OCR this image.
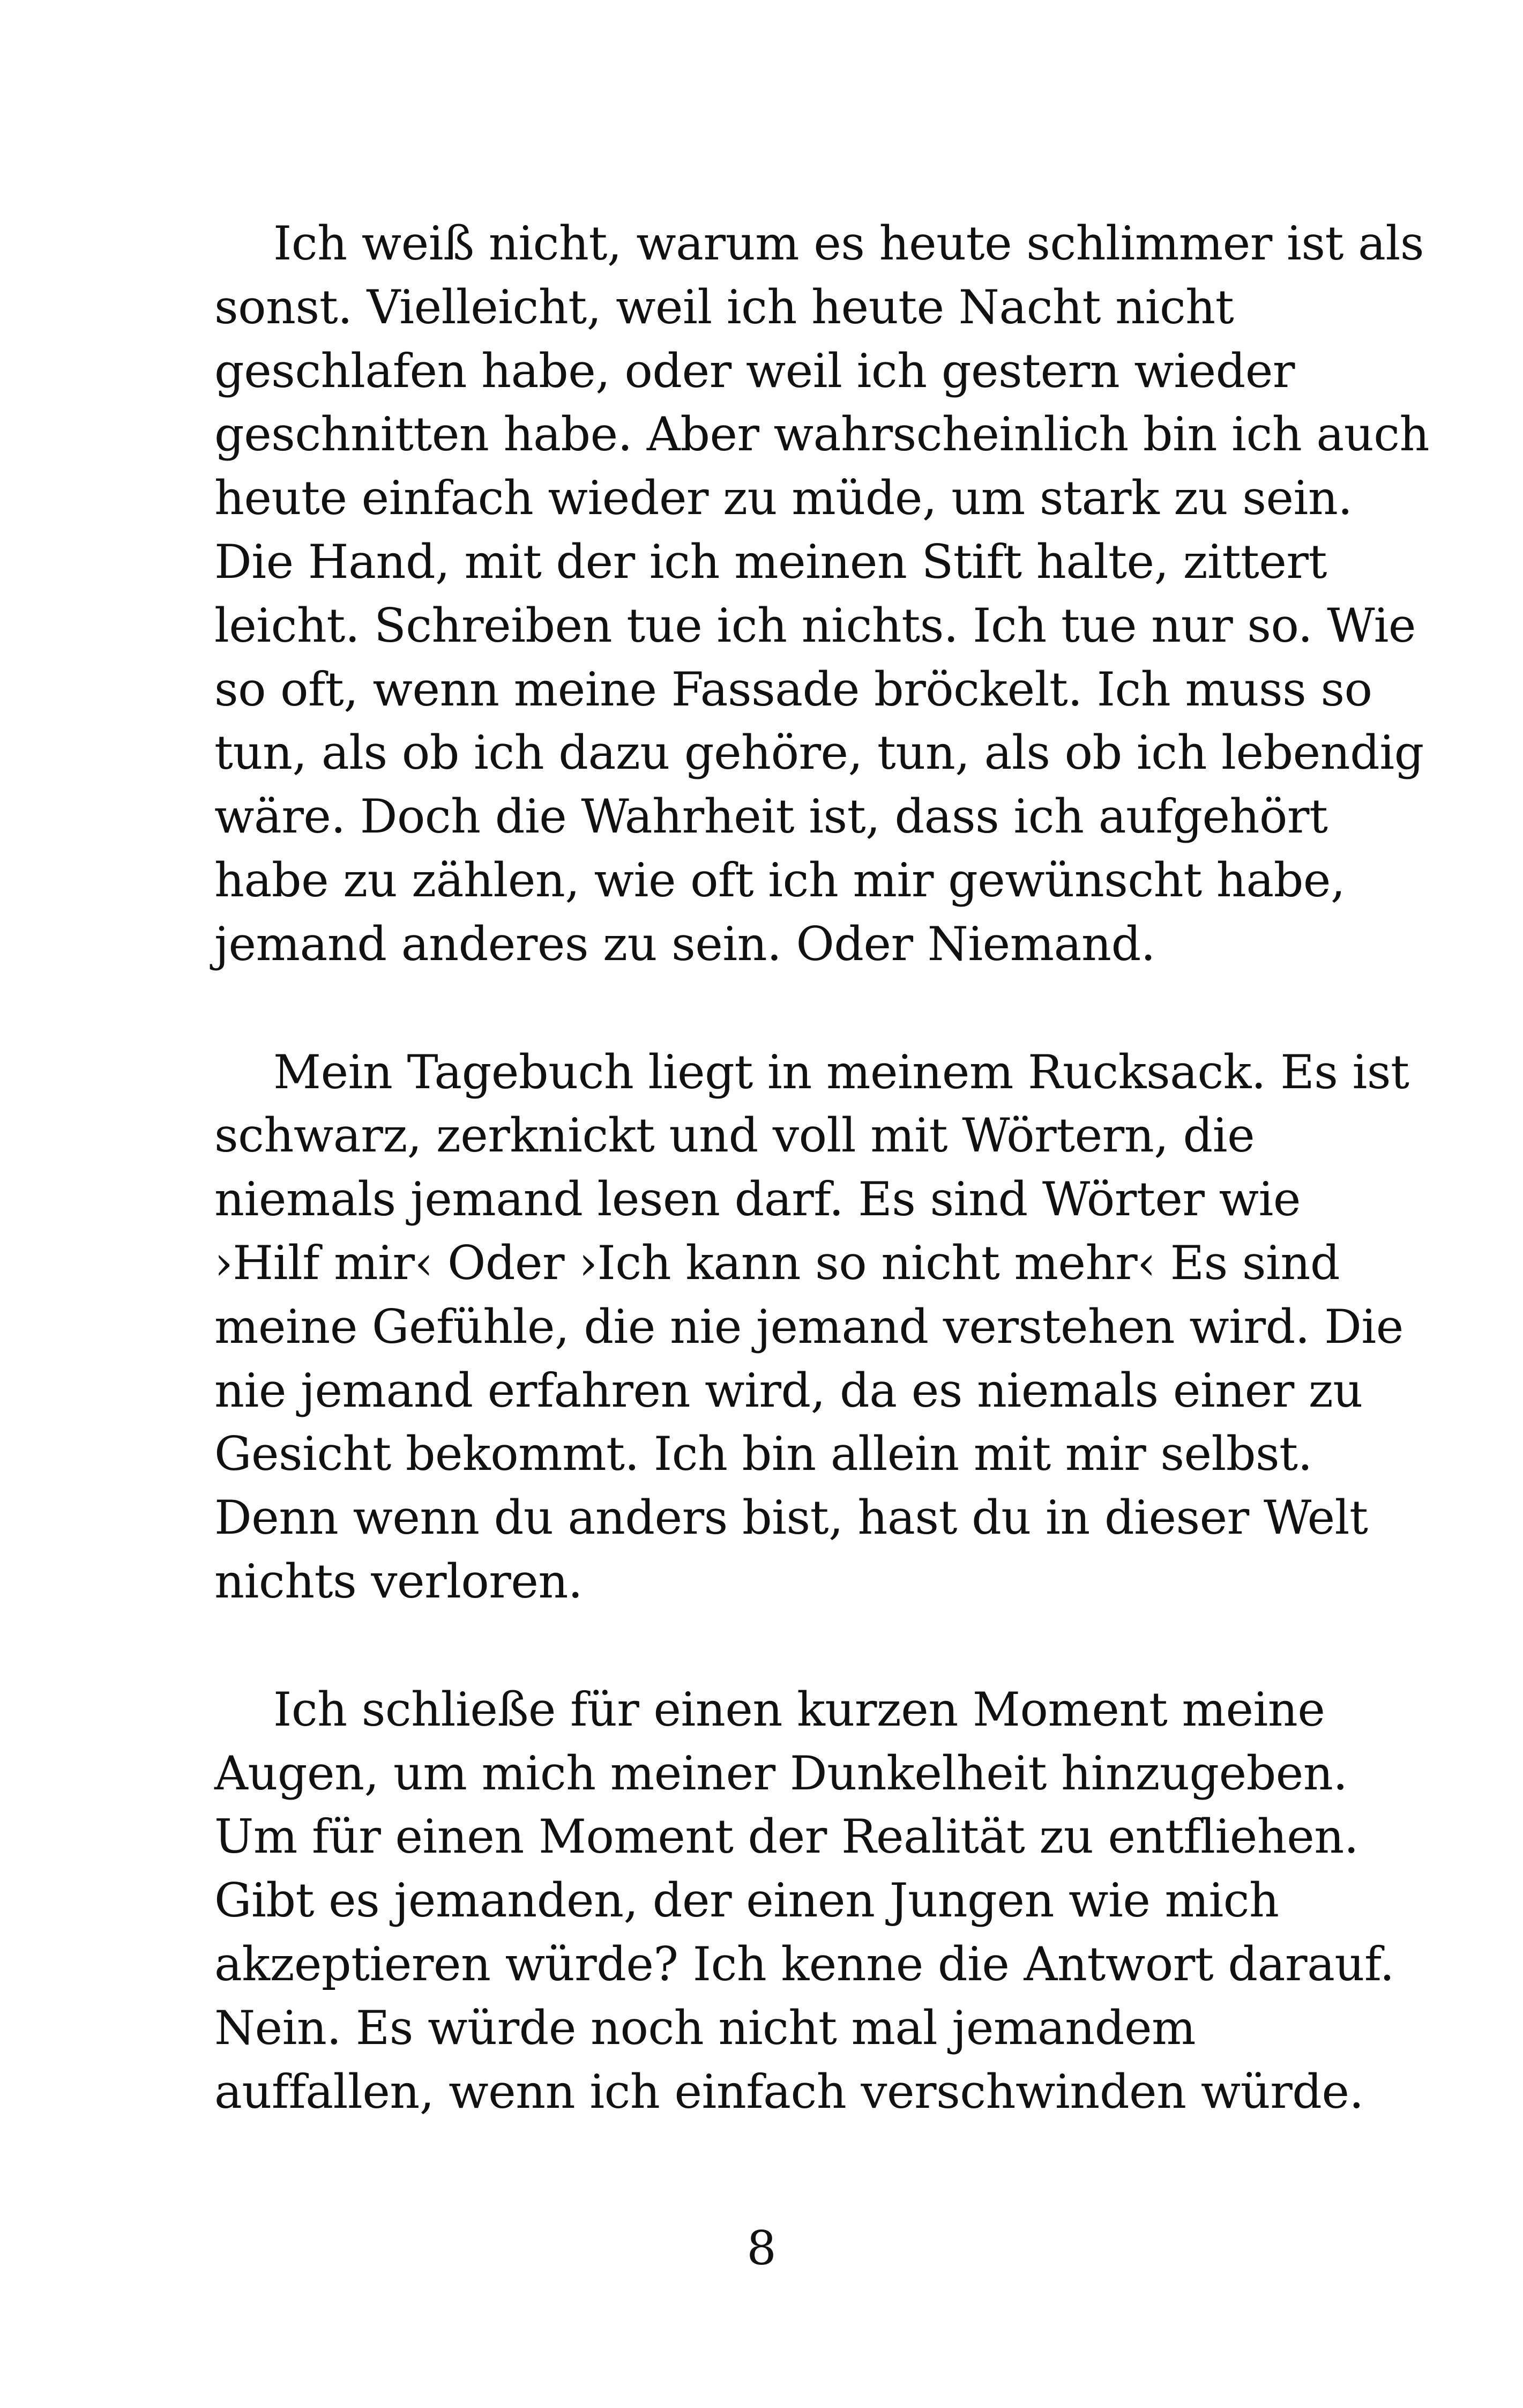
Ich weiß nicht, warum es heute schlimmer ist als
sonst. Vielleicht, weil ich heute Nacht nicht
geschlafen habe, oder weil ich gestern wieder
geschnitten habe. Aber wahrscheinlich bin ich auch
heute einfach wieder zu müde, um stark zu sein.
Die Hand, mit der ich meinen Stift halte, zittert
leicht. Schreiben tue ich nichts. Ich tue nur so. Wie
so oft, wenn meine Fassade bröckelt. Ich muss so
tun, als ob ich dazu gehöre, tun, als ob ich lebendig
wäre. Doch die Wahrheit ist, dass ich aufgehört
habe zu zählen, wie oft ich mir gewünscht habe,
jemand anderes zu sein. Oder Niemand.

Mein Tagebuch liegt in meinem Rucksack. Es ist
schwarz, zerknickt und voll mit Wörtern, die
niemals jemand lesen darf. Es sind Wörter wie
›Hilf mir‹ Oder ›Ich kann so nicht mehr‹ Es sind
meine Gefühle, die nie jemand verstehen wird. Die
nie jemand erfahren wird, da es niemals einer zu
Gesicht bekommt. Ich bin allein mit mir selbst.
Denn wenn du anders bist, hast du in dieser Welt
nichts verloren.

Ich schließe für einen kurzen Moment meine
Augen, um mich meiner Dunkelheit hinzugeben.
Um für einen Moment der Realität zu entfliehen.
Gibt es jemanden, der einen Jungen wie mich
akzeptieren würde? Ich kenne die Antwort darauf.
Nein. Es würde noch nicht mal jemandem
auffallen, wenn ich einfach verschwinden würde.

8
